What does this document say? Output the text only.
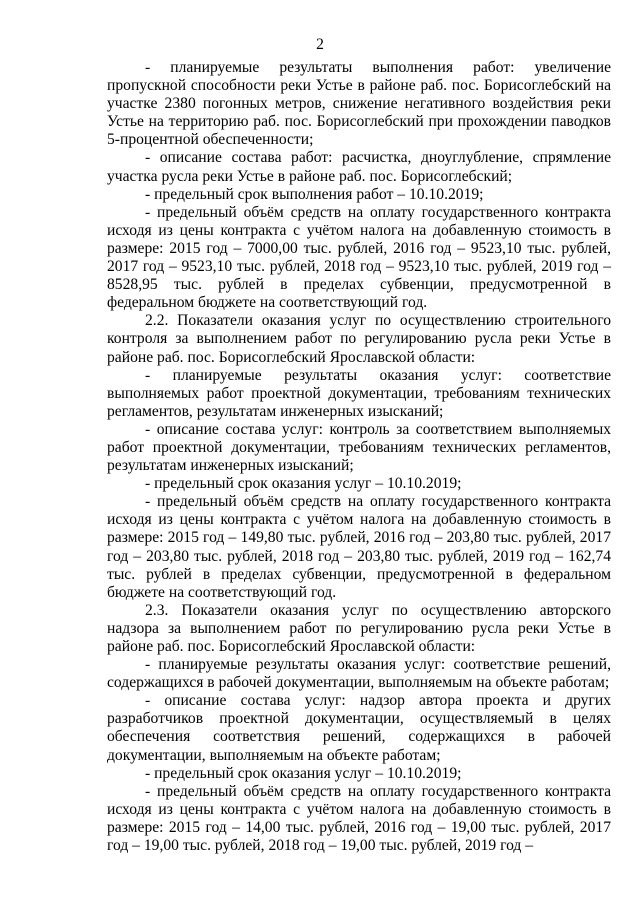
2

- планируемые результаты выполнения работ: увеличение пропускной способности реки Устье в районе раб. пос. Борисоглебский на участке 2380 погонных метров, снижение негативного воздействия реки Устье на территорию раб. пос. Борисоглебский при прохождении паводков 5-процентной обеспеченности;

- описание состава работ: расчистка, дноуглубление, спрямление участка русла реки Устье в районе раб. пос. Борисоглебский;

- предельный срок выполнения работ – 10.10.2019;

- предельный объём средств на оплату государственного контракта исходя из цены контракта с учётом налога на добавленную стоимость в размере: 2015 год – 7000,00 тыс. рублей, 2016 год – 9523,10 тыс. рублей, 2017 год – 9523,10 тыс. рублей, 2018 год – 9523,10 тыс. рублей, 2019 год – 8528,95 тыс. рублей в пределах субвенции, предусмотренной в федеральном бюджете на соответствующий год.

2.2. Показатели оказания услуг по осуществлению строительного контроля за выполнением работ по регулированию русла реки Устье в районе раб. пос. Борисоглебский Ярославской области:

- планируемые результаты оказания услуг: соответствие выполняемых работ проектной документации, требованиям технических регламентов, результатам инженерных изысканий;

- описание состава услуг: контроль за соответствием выполняемых работ проектной документации, требованиям технических регламентов, результатам инженерных изысканий;

- предельный срок оказания услуг – 10.10.2019;

- предельный объём средств на оплату государственного контракта исходя из цены контракта с учётом налога на добавленную стоимость в размере: 2015 год – 149,80 тыс. рублей, 2016 год – 203,80 тыс. рублей, 2017 год – 203,80 тыс. рублей, 2018 год – 203,80 тыс. рублей, 2019 год – 162,74 тыс. рублей в пределах субвенции, предусмотренной в федеральном бюджете на соответствующий год.

2.3. Показатели оказания услуг по осуществлению авторского надзора за выполнением работ по регулированию русла реки Устье в районе раб. пос. Борисоглебский Ярославской области:

- планируемые результаты оказания услуг: соответствие решений, содержащихся в рабочей документации, выполняемым на объекте работам;

- описание состава услуг: надзор автора проекта и других разработчиков проектной документации, осуществляемый в целях обеспечения соответствия решений, содержащихся в рабочей документации, выполняемым на объекте работам;

- предельный срок оказания услуг – 10.10.2019;

- предельный объём средств на оплату государственного контракта исходя из цены контракта с учётом налога на добавленную стоимость в размере: 2015 год – 14,00 тыс. рублей, 2016 год – 19,00 тыс. рублей, 2017 год – 19,00 тыс. рублей, 2018 год – 19,00 тыс. рублей, 2019 год –
